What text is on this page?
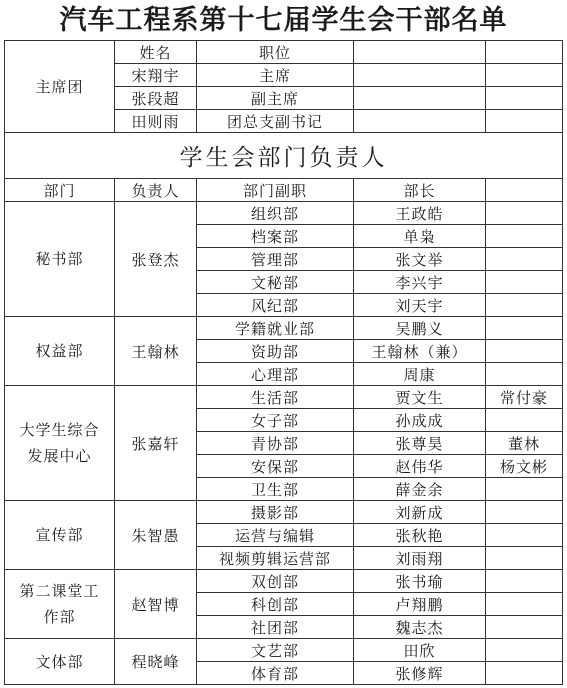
汽车工程系第十七届学生会干部名单
主席团	姓名	职位		
	宋翔宇	主席		
	张段超	副主席		
	田则雨	团总支副书记		
学生会部门负责人				
部门	负责人	部门副职	部长	

秘书部	张登杰	组织部	王政皓	
		档案部	单枭	
		管理部	张文举	
		文秘部	李兴宇	
		风纪部	刘天宇	

权益部	王翰林	学籍就业部	吴鹏义	
		资助部	王翰林（兼）	
		心理部	周康	

大学生综合发展中心	张嘉轩	生活部	贾文生	常付豪
		女子部	孙成成	
		青协部	张尊昊	董林
		安保部	赵伟华	杨文彬
		卫生部	薛金余	

宣传部	朱智愚	摄影部	刘新成	
		运营与编辑	张秋艳	
		视频剪辑运营部	刘雨翔	

第二课堂工作部	赵智博	双创部	张书瑜	
		科创部	卢翔鹏	
		社团部	魏志杰	

文体部	程晓峰	文艺部	田欣	
		体育部	张修辉	
